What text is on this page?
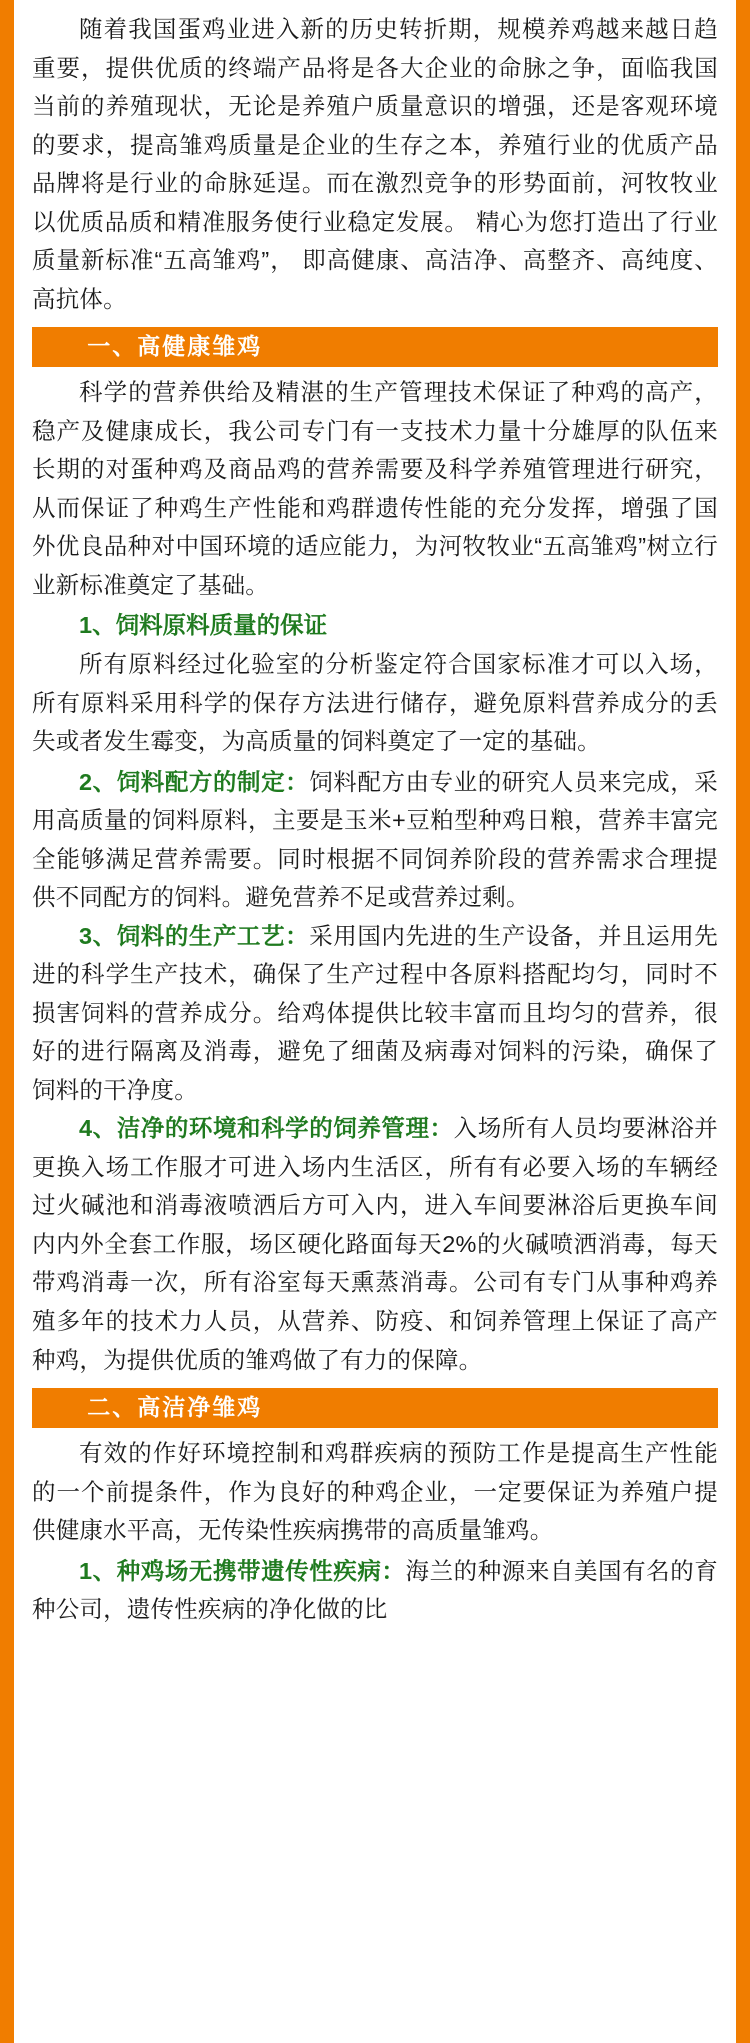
随着我国蛋鸡业进入新的历史转折期，规模养鸡越来越日趋重要，提供优质的终端产品将是各大企业的命脉之争，面临我国当前的养殖现状，无论是养殖户质量意识的增强，还是客观环境的要求，提高雏鸡质量是企业的生存之本，养殖行业的优质产品品牌将是行业的命脉延逞。而在激烈竞争的形势面前，河牧牧业以优质品质和精准服务使行业稳定发展。 精心为您打造出了行业质量新标准“五高雏鸡”， 即高健康、高洁净、高整齐、高纯度、高抗体。

一、高健康雏鸡

科学的营养供给及精湛的生产管理技术保证了种鸡的高产，稳产及健康成长，我公司专门有一支技术力量十分雄厚的队伍来长期的对蛋种鸡及商品鸡的营养需要及科学养殖管理进行研究，从而保证了种鸡生产性能和鸡群遗传性能的充分发挥，增强了国外优良品种对中国环境的适应能力，为河牧牧业“五高雏鸡”树立行业新标准奠定了基础。

1、饲料原料质量的保证

所有原料经过化验室的分析鉴定符合国家标准才可以入场，所有原料采用科学的保存方法进行储存，避免原料营养成分的丢失或者发生霉变，为高质量的饲料奠定了一定的基础。

2、饲料配方的制定：饲料配方由专业的研究人员来完成，采用高质量的饲料原料，主要是玉米+豆粕型种鸡日粮，营养丰富完全能够满足营养需要。同时根据不同饲养阶段的营养需求合理提供不同配方的饲料。避免营养不足或营养过剩。

3、饲料的生产工艺：采用国内先进的生产设备，并且运用先进的科学生产技术，确保了生产过程中各原料搭配均匀，同时不损害饲料的营养成分。给鸡体提供比较丰富而且均匀的营养，很好的进行隔离及消毒，避免了细菌及病毒对饲料的污染，确保了饲料的干净度。

4、洁净的环境和科学的饲养管理：入场所有人员均要淋浴并更换入场工作服才可进入场内生活区，所有有必要入场的车辆经过火碱池和消毒液喷洒后方可入内，进入车间要淋浴后更换车间内内外全套工作服，场区硬化路面每天2%的火碱喷洒消毒，每天带鸡消毒一次，所有浴室每天熏蒸消毒。公司有专门从事种鸡养殖多年的技术力人员，从营养、防疫、和饲养管理上保证了高产种鸡，为提供优质的雏鸡做了有力的保障。

二、高洁净雏鸡

有效的作好环境控制和鸡群疾病的预防工作是提高生产性能的一个前提条件，作为良好的种鸡企业，一定要保证为养殖户提供健康水平高，无传染性疾病携带的高质量雏鸡。

1、种鸡场无携带遗传性疾病：海兰的种源来自美国有名的育种公司，遗传性疾病的净化做的比
